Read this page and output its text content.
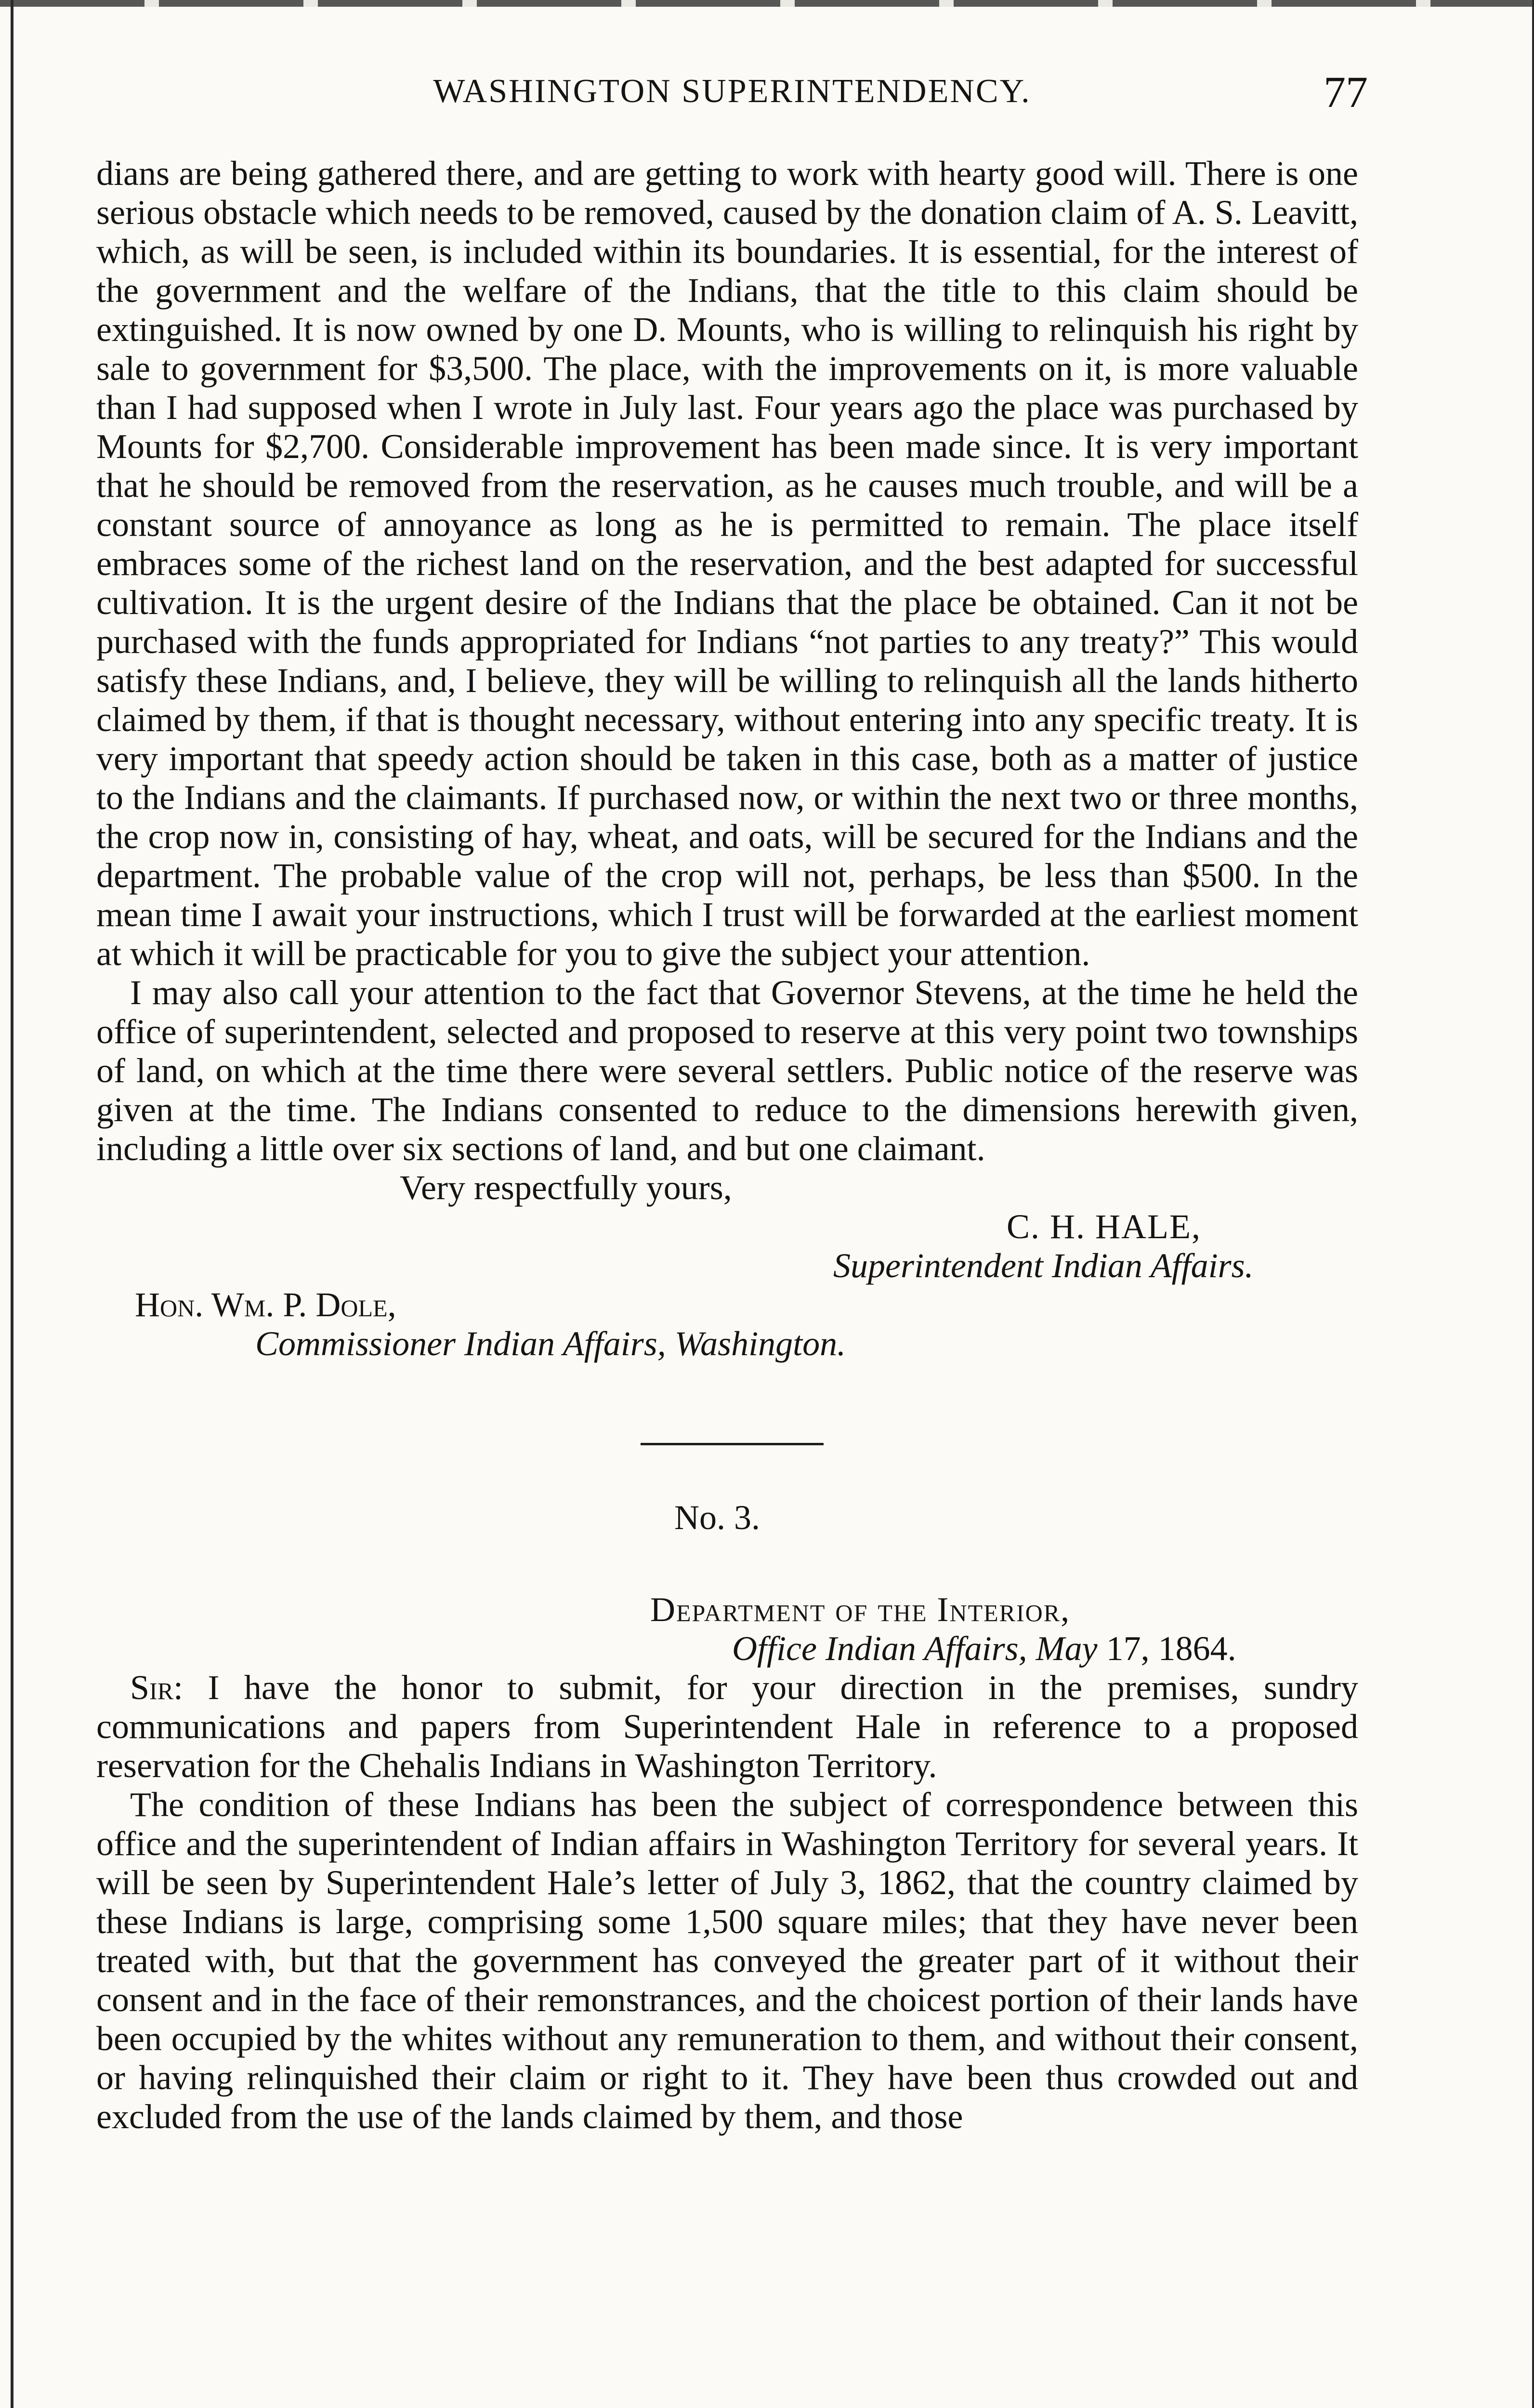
WASHINGTON SUPERINTENDENCY.	77

dians are being gathered there, and are getting to work with hearty good will. There is one serious obstacle which needs to be removed, caused by the donation claim of A. S. Leavitt, which, as will be seen, is included within its boundaries. It is essential, for the interest of the government and the welfare of the Indians, that the title to this claim should be extinguished. It is now owned by one D. Mounts, who is willing to relinquish his right by sale to government for $3,500. The place, with the improvements on it, is more valuable than I had supposed when I wrote in July last. Four years ago the place was purchased by Mounts for $2,700. Considerable improvement has been made since. It is very important that he should be removed from the reservation, as he causes much trouble, and will be a constant source of annoyance as long as he is permitted to remain. The place itself embraces some of the richest land on the reservation, and the best adapted for successful cultivation. It is the urgent desire of the Indians that the place be obtained. Can it not be purchased with the funds appropriated for Indians “not parties to any treaty?” This would satisfy these Indians, and, I believe, they will be willing to relinquish all the lands hitherto claimed by them, if that is thought necessary, without entering into any specific treaty. It is very important that speedy action should be taken in this case, both as a matter of justice to the Indians and the claimants. If purchased now, or within the next two or three months, the crop now in, consisting of hay, wheat, and oats, will be secured for the Indians and the department. The probable value of the crop will not, perhaps, be less than $500. In the mean time I await your instructions, which I trust will be forwarded at the earliest moment at which it will be practicable for you to give the subject your attention.

I may also call your attention to the fact that Governor Stevens, at the time he held the office of superintendent, selected and proposed to reserve at this very point two townships of land, on which at the time there were several settlers. Public notice of the reserve was given at the time. The Indians consented to reduce to the dimensions herewith given, including a little over six sections of land, and but one claimant.

Very respectfully yours,

C. H. HALE,

Superintendent Indian Affairs.

Hon. Wm. P. Dole,

Commissioner Indian Affairs, Washington.

No. 3.

Department of the Interior,

Office Indian Affairs, May 17, 1864.

Sir: I have the honor to submit, for your direction in the premises, sundry communications and papers from Superintendent Hale in reference to a proposed reservation for the Chehalis Indians in Washington Territory.

The condition of these Indians has been the subject of correspondence between this office and the superintendent of Indian affairs in Washington Territory for several years. It will be seen by Superintendent Hale’s letter of July 3, 1862, that the country claimed by these Indians is large, comprising some 1,500 square miles; that they have never been treated with, but that the government has conveyed the greater part of it without their consent and in the face of their remonstrances, and the choicest portion of their lands have been occupied by the whites without any remuneration to them, and without their consent, or having relinquished their claim or right to it. They have been thus crowded out and excluded from the use of the lands claimed by them, and those
